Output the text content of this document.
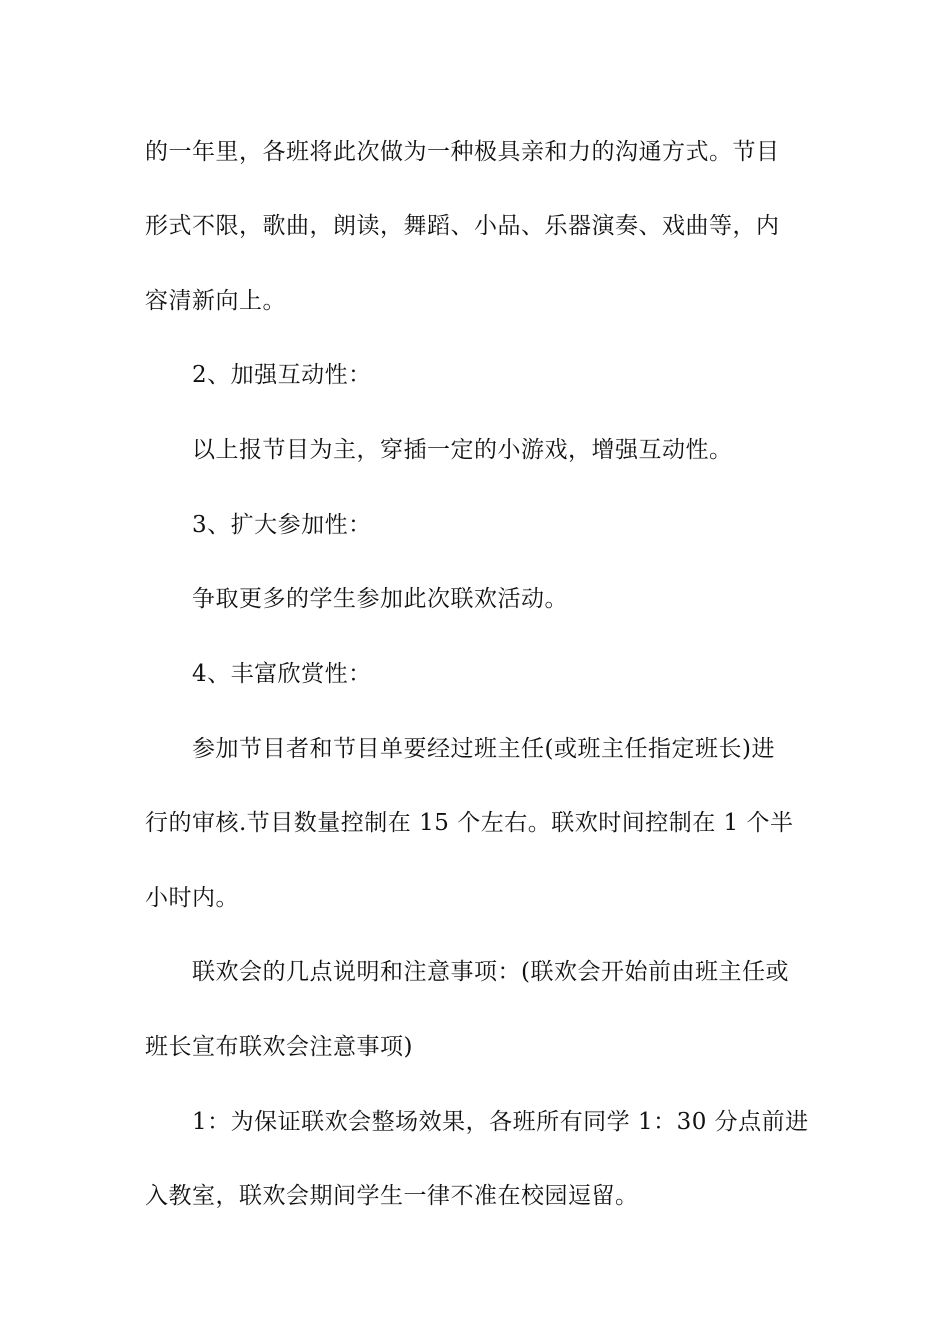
的一年里，各班将此次做为一种极具亲和力的沟通方式。节目
形式不限，歌曲，朗读，舞蹈、小品、乐器演奏、戏曲等，内
容清新向上。
2、加强互动性：
以上报节目为主，穿插一定的小游戏，增强互动性。
3、扩大参加性：
争取更多的学生参加此次联欢活动。
4、丰富欣赏性：
参加节目者和节目单要经过班主任(或班主任指定班长)进
行的审核.节目数量控制在 15 个左右。联欢时间控制在 1 个半
小时内。
联欢会的几点说明和注意事项：(联欢会开始前由班主任或
班长宣布联欢会注意事项)
1：为保证联欢会整场效果，各班所有同学 1：30 分点前进
入教室，联欢会期间学生一律不准在校园逗留。
